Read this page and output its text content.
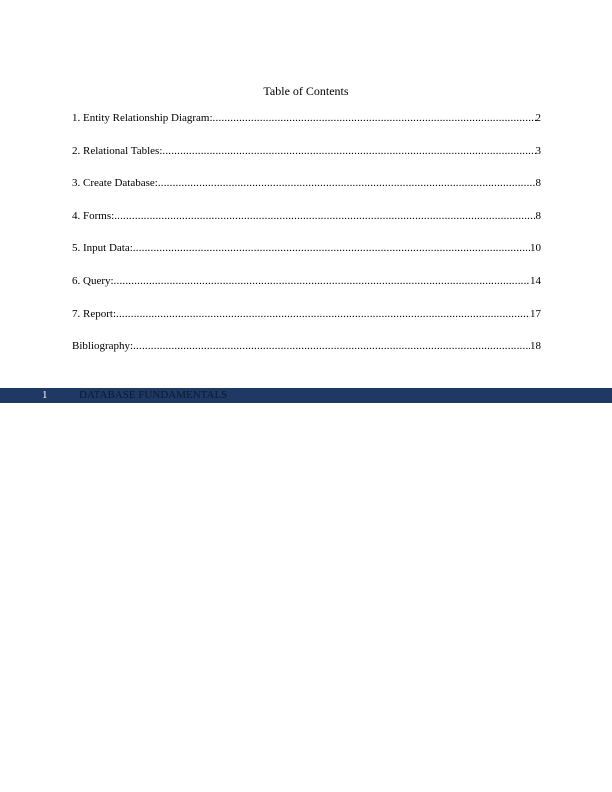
Table of Contents
1. Entity Relationship Diagram: .....	2
2. Relational Tables: .....	3
3. Create Database: .....	8
4. Forms: .....	8
5. Input Data: .....	10
6. Query: .....	14
7. Report: .....	17
Bibliography: .....	18
1	DATABASE FUNDAMENTALS
